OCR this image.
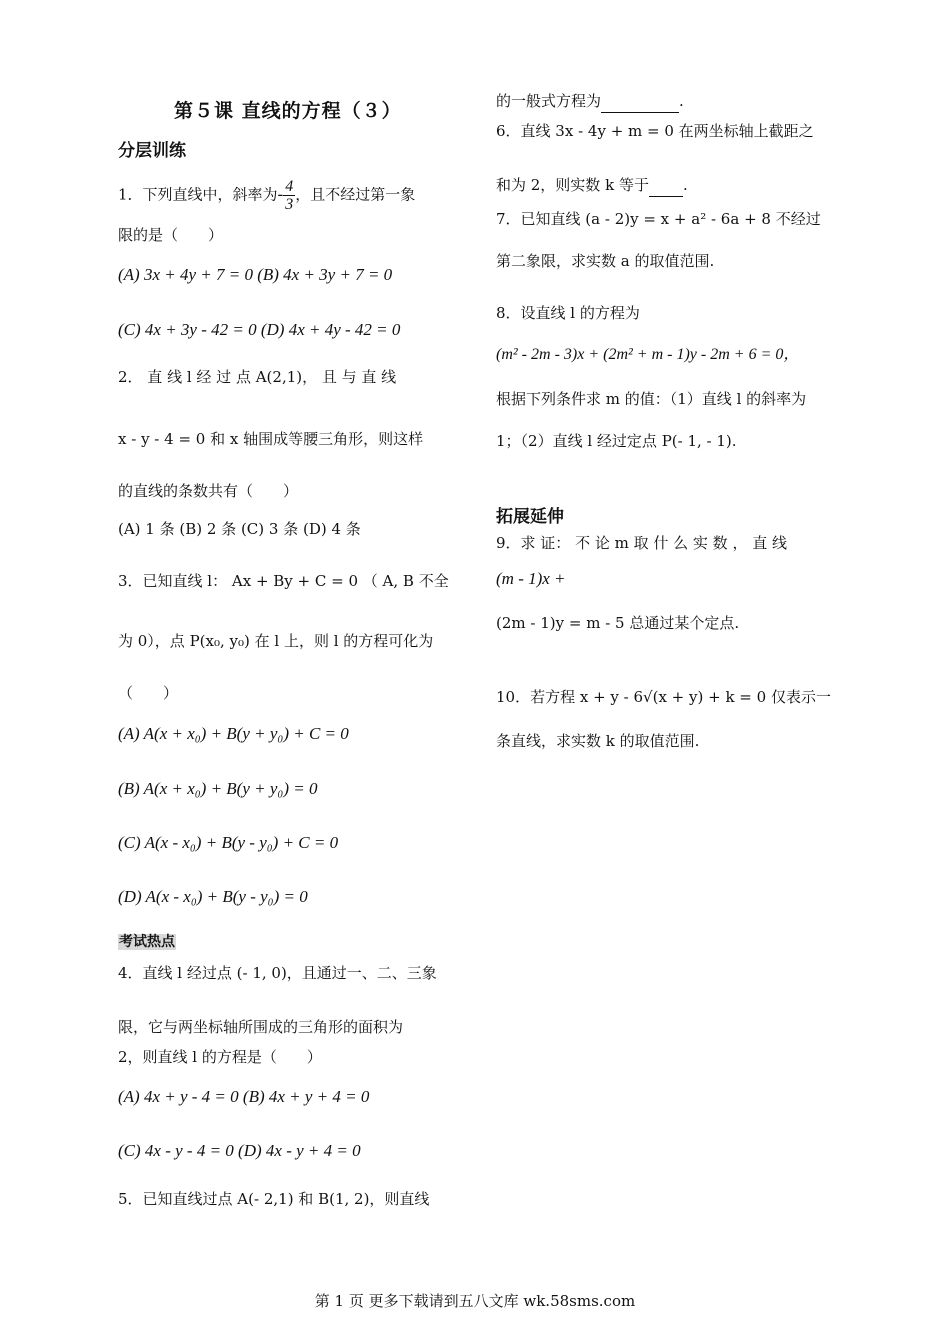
第５课 直线的方程（３）
分层训练
1．下列直线中，斜率为- $\frac{4}{3}$ ，且不经过第一象
限的是（　　）
(A) 3x + 4y + 7 = 0 (B) 4x + 3y + 7 = 0
(C) 4x + 3y - 42 = 0 (D) 4x + 4y - 42 = 0
2． 直 线 l 经 过 点 A(2,1)， 且 与 直 线
x - y - 4 = 0 和 x 轴围成等腰三角形，则这样
的直线的条数共有（　　）
(A) 1 条 (B) 2 条 (C) 3 条 (D) 4 条
3．已知直线 l： Ax + By + C = 0 （ A, B 不全
为 0），点 P(x₀, y₀) 在 l 上，则 l 的方程可化为
（　　）
(A) A(x + x₀) + B(y + y₀) + C = 0
(B) A(x + x₀) + B(y + y₀) = 0
(C) A(x - x₀) + B(y - y₀) + C = 0
(D) A(x - x₀) + B(y - y₀) = 0
考试热点
4．直线 l 经过点 (- 1, 0)，且通过一、二、三象
限，它与两坐标轴所围成的三角形的面积为
2，则直线 l 的方程是（　　）
(A) 4x + y - 4 = 0 (B) 4x + y + 4 = 0
(C) 4x - y - 4 = 0 (D) 4x - y + 4 = 0
5．已知直线过点 A(- 2,1) 和 B(1, 2)，则直线
的一般式方程为	.
6．直线 3x - 4y + m = 0 在两坐标轴上截距之
和为 2，则实数 k 等于 .
7．已知直线 (a - 2)y = x + a² - 6a + 8 不经过
第二象限，求实数 a 的取值范围.
8．设直线 l 的方程为
(m² - 2m - 3)x + (2m² + m - 1)y - 2m + 6 = 0，
根据下列条件求 m 的值：（1）直线 l 的斜率为
1；（2）直线 l 经过定点 P(- 1, - 1).
拓展延伸
9．求 证： 不 论 m 取 什 么 实 数 ， 直 线
(m - 1)x +
(2m - 1)y = m - 5 总通过某个定点.
10．若方程 x + y - 6√(x + y) + k = 0 仅表示一
条直线，求实数 k 的取值范围.
第 1 页 更多下载请到五八文库 wk.58sms.com
